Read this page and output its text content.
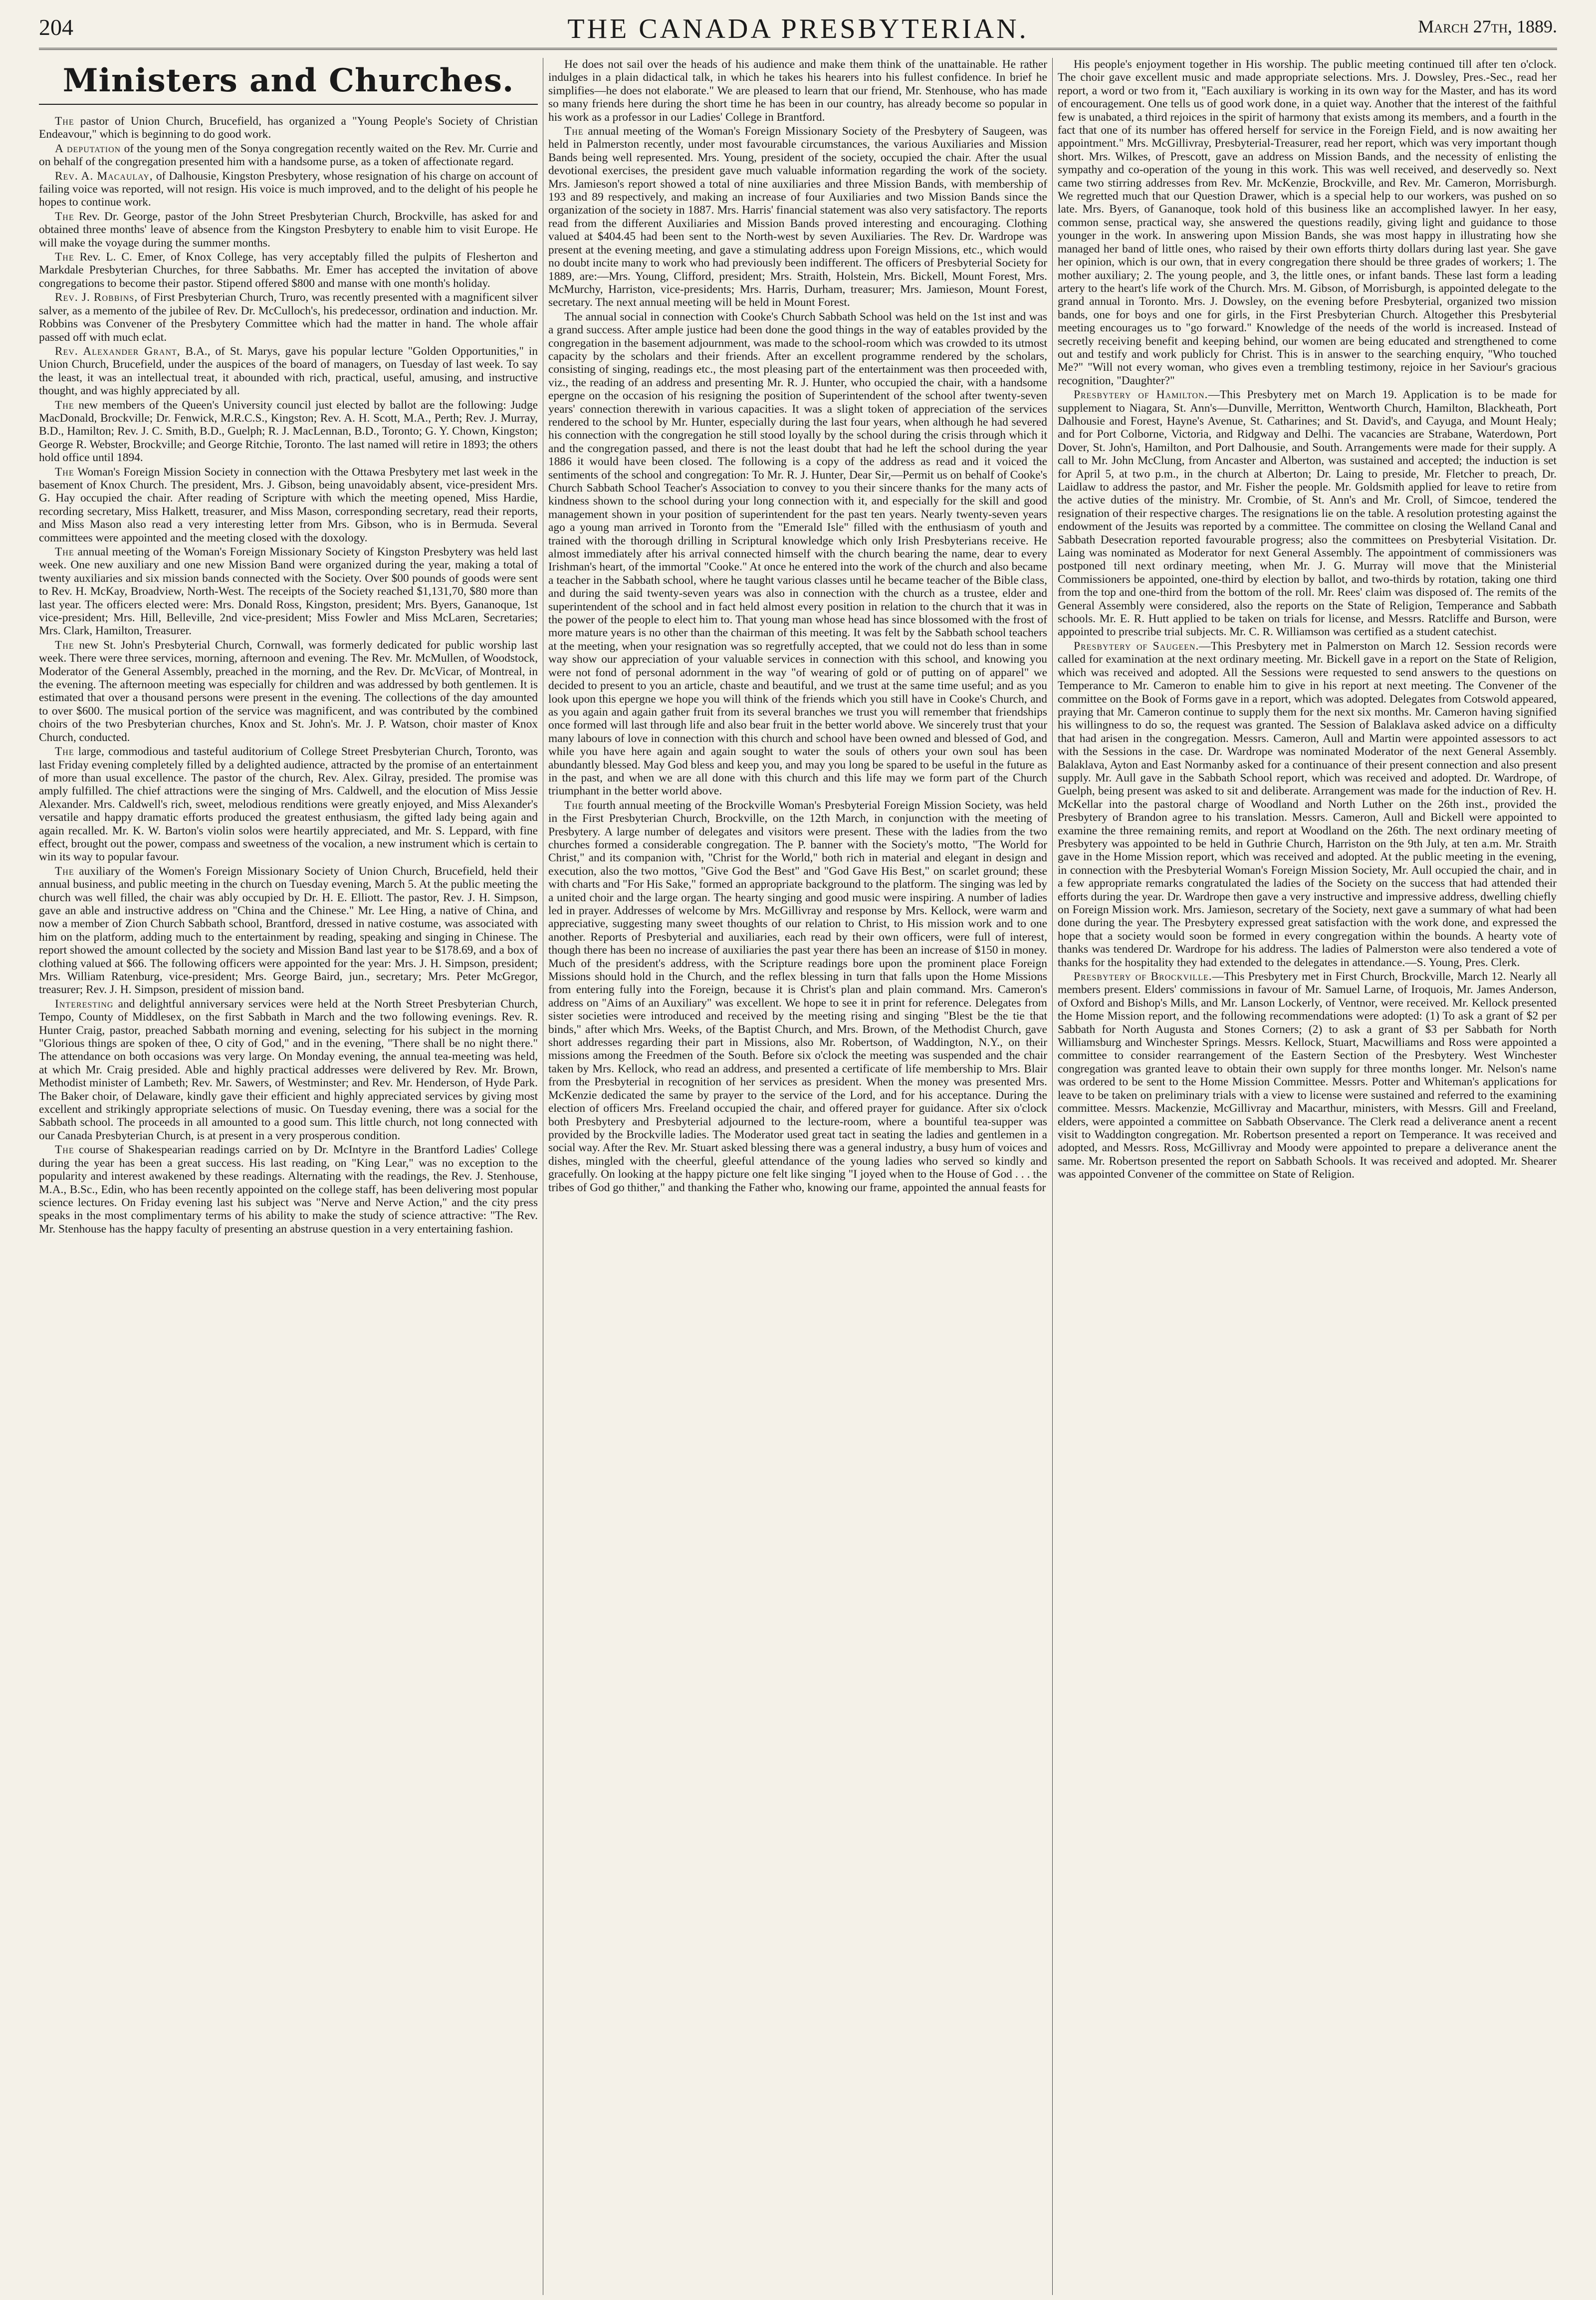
204	THE CANADA PRESBYTERIAN.	March 27th, 1889.
Ministers and Churches.

The pastor of Union Church, Brucefield, has organized a "Young People's Society of Christian Endeavour," which is beginning to do good work.

A deputation of the young men of the Sonya congregation recently waited on the Rev. Mr. Currie and on behalf of the congregation presented him with a handsome purse, as a token of affectionate regard.

Rev. A. Macaulay, of Dalhousie, Kingston Presbytery, whose resignation of his charge on account of failing voice was reported, will not resign. His voice is much improved, and to the delight of his people he hopes to continue work.

The Rev. Dr. George, pastor of the John Street Presbyterian Church, Brockville, has asked for and obtained three months' leave of absence from the Kingston Presbytery to enable him to visit Europe. He will make the voyage during the summer months.

The Rev. L. C. Emer, of Knox College, has very acceptably filled the pulpits of Flesherton and Markdale Presbyterian Churches, for three Sabbaths. Mr. Emer has accepted the invitation of above congregations to become their pastor. Stipend offered $800 and manse with one month's holiday.

Rev. J. Robbins, of First Presbyterian Church, Truro, was recently presented with a magnificent silver salver, as a memento of the jubilee of Rev. Dr. McCulloch's, his predecessor, ordination and induction. Mr. Robbins was Convener of the Presbytery Committee which had the matter in hand. The whole affair passed off with much eclat.

Rev. Alexander Grant, B.A., of St. Marys, gave his popular lecture "Golden Opportunities," in Union Church, Brucefield, under the auspices of the board of managers, on Tuesday of last week. To say the least, it was an intellectual treat, it abounded with rich, practical, useful, amusing, and instructive thought, and was highly appreciated by all.

The new members of the Queen's University council just elected by ballot are the following: Judge MacDonald, Brockville; Dr. Fenwick, M.R.C.S., Kingston; Rev. A. H. Scott, M.A., Perth; Rev. J. Murray, B.D., Hamilton; Rev. J. C. Smith, B.D., Guelph; R. J. MacLennan, B.D., Toronto; G. Y. Chown, Kingston; George R. Webster, Brockville; and George Ritchie, Toronto. The last named will retire in 1893; the others hold office until 1894.

The Woman's Foreign Mission Society in connection with the Ottawa Presbytery met last week in the basement of Knox Church. The president, Mrs. J. Gibson, being unavoidably absent, vice-president Mrs. G. Hay occupied the chair. After reading of Scripture with which the meeting opened, Miss Hardie, recording secretary, Miss Halkett, treasurer, and Miss Mason, corresponding secretary, read their reports, and Miss Mason also read a very interesting letter from Mrs. Gibson, who is in Bermuda. Several committees were appointed and the meeting closed with the doxology.

The annual meeting of the Woman's Foreign Missionary Society of Kingston Presbytery was held last week. One new auxiliary and one new Mission Band were organized during the year, making a total of twenty auxiliaries and six mission bands connected with the Society. Over $00 pounds of goods were sent to Rev. H. McKay, Broadview, North-West. The receipts of the Society reached $1,131,70, $80 more than last year. The officers elected were: Mrs. Donald Ross, Kingston, president; Mrs. Byers, Gananoque, 1st vice-president; Mrs. Hill, Belleville, 2nd vice-president; Miss Fowler and Miss McLaren, Secretaries; Mrs. Clark, Hamilton, Treasurer.

The new St. John's Presbyterial Church, Cornwall, was formerly dedicated for public worship last week. There were three services, morning, afternoon and evening. The Rev. Mr. McMullen, of Woodstock, Moderator of the General Assembly, preached in the morning, and the Rev. Dr. McVicar, of Montreal, in the evening. The afternoon meeting was especially for children and was addressed by both gentlemen. It is estimated that over a thousand persons were present in the evening. The collections of the day amounted to over $600. The musical portion of the service was magnificent, and was contributed by the combined choirs of the two Presbyterian churches, Knox and St. John's. Mr. J. P. Watson, choir master of Knox Church, conducted.

The large, commodious and tasteful auditorium of College Street Presbyterian Church, Toronto, was last Friday evening completely filled by a delighted audience, attracted by the promise of an entertainment of more than usual excellence. The pastor of the church, Rev. Alex. Gilray, presided. The promise was amply fulfilled. The chief attractions were the singing of Mrs. Caldwell, and the elocution of Miss Jessie Alexander. Mrs. Caldwell's rich, sweet, melodious renditions were greatly enjoyed, and Miss Alexander's versatile and happy dramatic efforts produced the greatest enthusiasm, the gifted lady being again and again recalled. Mr. K. W. Barton's violin solos were heartily appreciated, and Mr. S. Leppard, with fine effect, brought out the power, compass and sweetness of the vocalion, a new instrument which is certain to win its way to popular favour.

The auxiliary of the Women's Foreign Missionary Society of Union Church, Brucefield, held their annual business, and public meeting in the church on Tuesday evening, March 5. At the public meeting the church was well filled, the chair was ably occupied by Dr. H. E. Elliott. The pastor, Rev. J. H. Simpson, gave an able and instructive address on "China and the Chinese." Mr. Lee Hing, a native of China, and now a member of Zion Church Sabbath school, Brantford, dressed in native costume, was associated with him on the platform, adding much to the entertainment by reading, speaking and singing in Chinese. The report showed the amount collected by the society and Mission Band last year to be $178.69, and a box of clothing valued at $66. The following officers were appointed for the year: Mrs. J. H. Simpson, president; Mrs. William Ratenburg, vice-president; Mrs. George Baird, jun., secretary; Mrs. Peter McGregor, treasurer; Rev. J. H. Simpson, president of mission band.

Interesting and delightful anniversary services were held at the North Street Presbyterian Church, Tempo, County of Middlesex, on the first Sabbath in March and the two following evenings. Rev. R. Hunter Craig, pastor, preached Sabbath morning and evening, selecting for his subject in the morning "Glorious things are spoken of thee, O city of God," and in the evening, "There shall be no night there." The attendance on both occasions was very large. On Monday evening, the annual tea-meeting was held, at which Mr. Craig presided. Able and highly practical addresses were delivered by Rev. Mr. Brown, Methodist minister of Lambeth; Rev. Mr. Sawers, of Westminster; and Rev. Mr. Henderson, of Hyde Park. The Baker choir, of Delaware, kindly gave their efficient and highly appreciated services by giving most excellent and strikingly appropriate selections of music. On Tuesday evening, there was a social for the Sabbath school. The proceeds in all amounted to a good sum. This little church, not long connected with our Canada Presbyterian Church, is at present in a very prosperous condition.

The course of Shakespearian readings carried on by Dr. McIntyre in the Brantford Ladies' College during the year has been a great success. His last reading, on "King Lear," was no exception to the popularity and interest awakened by these readings. Alternating with the readings, the Rev. J. Stenhouse, M.A., B.Sc., Edin, who has been recently appointed on the college staff, has been delivering most popular science lectures. On Friday evening last his subject was "Nerve and Nerve Action," and the city press speaks in the most complimentary terms of his ability to make the study of science attractive: "The Rev. Mr. Stenhouse has the happy faculty of presenting an abstruse question in a very entertaining fashion.

He does not sail over the heads of his audience and make them think of the unattainable. He rather indulges in a plain didactical talk, in which he takes his hearers into his fullest confidence. In brief he simplifies—he does not elaborate." We are pleased to learn that our friend, Mr. Stenhouse, who has made so many friends here during the short time he has been in our country, has already become so popular in his work as a professor in our Ladies' College in Brantford.

The annual meeting of the Woman's Foreign Missionary Society of the Presbytery of Saugeen, was held in Palmerston recently, under most favourable circumstances, the various Auxiliaries and Mission Bands being well represented. Mrs. Young, president of the society, occupied the chair. After the usual devotional exercises, the president gave much valuable information regarding the work of the society. Mrs. Jamieson's report showed a total of nine auxiliaries and three Mission Bands, with membership of 193 and 89 respectively, and making an increase of four Auxiliaries and two Mission Bands since the organization of the society in 1887. Mrs. Harris' financial statement was also very satisfactory. The reports read from the different Auxiliaries and Mission Bands proved interesting and encouraging. Clothing valued at $404.45 had been sent to the North-west by seven Auxiliaries. The Rev. Dr. Wardrope was present at the evening meeting, and gave a stimulating address upon Foreign Missions, etc., which would no doubt incite many to work who had previously been indifferent. The officers of Presbyterial Society for 1889, are:—Mrs. Young, Clifford, president; Mrs. Straith, Holstein, Mrs. Bickell, Mount Forest, Mrs. McMurchy, Harriston, vice-presidents; Mrs. Harris, Durham, treasurer; Mrs. Jamieson, Mount Forest, secretary. The next annual meeting will be held in Mount Forest.

The annual social in connection with Cooke's Church Sabbath School was held on the 1st inst and was a grand success. After ample justice had been done the good things in the way of eatables provided by the congregation in the basement adjournment, was made to the school-room which was crowded to its utmost capacity by the scholars and their friends. After an excellent programme rendered by the scholars, consisting of singing, readings etc., the most pleasing part of the entertainment was then proceeded with, viz., the reading of an address and presenting Mr. R. J. Hunter, who occupied the chair, with a handsome epergne on the occasion of his resigning the position of Superintendent of the school after twenty-seven years' connection therewith in various capacities. It was a slight token of appreciation of the services rendered to the school by Mr. Hunter, especially during the last four years, when although he had severed his connection with the congregation he still stood loyally by the school during the crisis through which it and the congregation passed, and there is not the least doubt that had he left the school during the year 1886 it would have been closed. The following is a copy of the address as read and it voiced the sentiments of the school and congregation: To Mr. R. J. Hunter, Dear Sir,—Permit us on behalf of Cooke's Church Sabbath School Teacher's Association to convey to you their sincere thanks for the many acts of kindness shown to the school during your long connection with it, and especially for the skill and good management shown in your position of superintendent for the past ten years. Nearly twenty-seven years ago a young man arrived in Toronto from the "Emerald Isle" filled with the enthusiasm of youth and trained with the thorough drilling in Scriptural knowledge which only Irish Presbyterians receive. He almost immediately after his arrival connected himself with the church bearing the name, dear to every Irishman's heart, of the immortal "Cooke." At once he entered into the work of the church and also became a teacher in the Sabbath school, where he taught various classes until he became teacher of the Bible class, and during the said twenty-seven years was also in connection with the church as a trustee, elder and superintendent of the school and in fact held almost every position in relation to the church that it was in the power of the people to elect him to. That young man whose head has since blossomed with the frost of more mature years is no other than the chairman of this meeting. It was felt by the Sabbath school teachers at the meeting, when your resignation was so regretfully accepted, that we could not do less than in some way show our appreciation of your valuable services in connection with this school, and knowing you were not fond of personal adornment in the way "of wearing of gold or of putting on of apparel" we decided to present to you an article, chaste and beautiful, and we trust at the same time useful; and as you look upon this epergne we hope you will think of the friends which you still have in Cooke's Church, and as you again and again gather fruit from its several branches we trust you will remember that friendships once formed will last through life and also bear fruit in the better world above. We sincerely trust that your many labours of love in connection with this church and school have been owned and blessed of God, and while you have here again and again sought to water the souls of others your own soul has been abundantly blessed. May God bless and keep you, and may you long be spared to be useful in the future as in the past, and when we are all done with this church and this life may we form part of the Church triumphant in the better world above.

The fourth annual meeting of the Brockville Woman's Presbyterial Foreign Mission Society, was held in the First Presbyterian Church, Brockville, on the 12th March, in conjunction with the meeting of Presbytery. A large number of delegates and visitors were present. These with the ladies from the two churches formed a considerable congregation. The P. banner with the Society's motto, "The World for Christ," and its companion with, "Christ for the World," both rich in material and elegant in design and execution, also the two mottos, "Give God the Best" and "God Gave His Best," on scarlet ground; these with charts and "For His Sake," formed an appropriate background to the platform. The singing was led by a united choir and the large organ. The hearty singing and good music were inspiring. A number of ladies led in prayer. Addresses of welcome by Mrs. McGillivray and response by Mrs. Kellock, were warm and appreciative, suggesting many sweet thoughts of our relation to Christ, to His mission work and to one another. Reports of Presbyterial and auxiliaries, each read by their own officers, were full of interest, though there has been no increase of auxiliaries the past year there has been an increase of $150 in money. Much of the president's address, with the Scripture readings bore upon the prominent place Foreign Missions should hold in the Church, and the reflex blessing in turn that falls upon the Home Missions from entering fully into the Foreign, because it is Christ's plan and plain command. Mrs. Cameron's address on "Aims of an Auxiliary" was excellent. We hope to see it in print for reference. Delegates from sister societies were introduced and received by the meeting rising and singing "Blest be the tie that binds," after which Mrs. Weeks, of the Baptist Church, and Mrs. Brown, of the Methodist Church, gave short addresses regarding their part in Missions, also Mr. Robertson, of Waddington, N.Y., on their missions among the Freedmen of the South. Before six o'clock the meeting was suspended and the chair taken by Mrs. Kellock, who read an address, and presented a certificate of life membership to Mrs. Blair from the Presbyterial in recognition of her services as president. When the money was presented Mrs. McKenzie dedicated the same by prayer to the service of the Lord, and for his acceptance. During the election of officers Mrs. Freeland occupied the chair, and offered prayer for guidance. After six o'clock both Presbytery and Presbyterial adjourned to the lecture-room, where a bountiful tea-supper was provided by the Brockville ladies. The Moderator used great tact in seating the ladies and gentlemen in a social way. After the Rev. Mr. Stuart asked blessing there was a general industry, a busy hum of voices and dishes, mingled with the cheerful, gleeful attendance of the young ladies who served so kindly and gracefully. On looking at the happy picture one felt like singing "I joyed when to the House of God . . . the tribes of God go thither," and thanking the Father who, knowing our frame, appointed the annual feasts for

His people's enjoyment together in His worship. The public meeting continued till after ten o'clock. The choir gave excellent music and made appropriate selections. Mrs. J. Dowsley, Pres.-Sec., read her report, a word or two from it, "Each auxiliary is working in its own way for the Master, and has its word of encouragement. One tells us of good work done, in a quiet way. Another that the interest of the faithful few is unabated, a third rejoices in the spirit of harmony that exists among its members, and a fourth in the fact that one of its number has offered herself for service in the Foreign Field, and is now awaiting her appointment." Mrs. McGillivray, Presbyterial-Treasurer, read her report, which was very important though short. Mrs. Wilkes, of Prescott, gave an address on Mission Bands, and the necessity of enlisting the sympathy and co-operation of the young in this work. This was well received, and deservedly so. Next came two stirring addresses from Rev. Mr. McKenzie, Brockville, and Rev. Mr. Cameron, Morrisburgh. We regretted much that our Question Drawer, which is a special help to our workers, was pushed on so late. Mrs. Byers, of Gananoque, took hold of this business like an accomplished lawyer. In her easy, common sense, practical way, she answered the questions readily, giving light and guidance to those younger in the work. In answering upon Mission Bands, she was most happy in illustrating how she managed her band of little ones, who raised by their own efforts thirty dollars during last year. She gave her opinion, which is our own, that in every congregation there should be three grades of workers; 1. The mother auxiliary; 2. The young people, and 3, the little ones, or infant bands. These last form a leading artery to the heart's life work of the Church. Mrs. M. Gibson, of Morrisburgh, is appointed delegate to the grand annual in Toronto. Mrs. J. Dowsley, on the evening before Presbyterial, organized two mission bands, one for boys and one for girls, in the First Presbyterian Church. Altogether this Presbyterial meeting encourages us to "go forward." Knowledge of the needs of the world is increased. Instead of secretly receiving benefit and keeping behind, our women are being educated and strengthened to come out and testify and work publicly for Christ. This is in answer to the searching enquiry, "Who touched Me?" "Will not every woman, who gives even a trembling testimony, rejoice in her Saviour's gracious recognition, "Daughter?"

Presbytery of Hamilton.—This Presbytery met on March 19. Application is to be made for supplement to Niagara, St. Ann's—Dunville, Merritton, Wentworth Church, Hamilton, Blackheath, Port Dalhousie and Forest, Hayne's Avenue, St. Catharines; and St. David's, and Cayuga, and Mount Healy; and for Port Colborne, Victoria, and Ridgway and Delhi. The vacancies are Strabane, Waterdown, Port Dover, St. John's, Hamilton, and Port Dalhousie, and South. Arrangements were made for their supply. A call to Mr. John McClung, from Ancaster and Alberton, was sustained and accepted; the induction is set for April 5, at two p.m., in the church at Alberton; Dr. Laing to preside, Mr. Fletcher to preach, Dr. Laidlaw to address the pastor, and Mr. Fisher the people. Mr. Goldsmith applied for leave to retire from the active duties of the ministry. Mr. Crombie, of St. Ann's and Mr. Croll, of Simcoe, tendered the resignation of their respective charges. The resignations lie on the table. A resolution protesting against the endowment of the Jesuits was reported by a committee. The committee on closing the Welland Canal and Sabbath Desecration reported favourable progress; also the committees on Presbyterial Visitation. Dr. Laing was nominated as Moderator for next General Assembly. The appointment of commissioners was postponed till next ordinary meeting, when Mr. J. G. Murray will move that the Ministerial Commissioners be appointed, one-third by election by ballot, and two-thirds by rotation, taking one third from the top and one-third from the bottom of the roll. Mr. Rees' claim was disposed of. The remits of the General Assembly were considered, also the reports on the State of Religion, Temperance and Sabbath schools. Mr. E. R. Hutt applied to be taken on trials for license, and Messrs. Ratcliffe and Burson, were appointed to prescribe trial subjects. Mr. C. R. Williamson was certified as a student catechist.

Presbytery of Saugeen.—This Presbytery met in Palmerston on March 12. Session records were called for examination at the next ordinary meeting. Mr. Bickell gave in a report on the State of Religion, which was received and adopted. All the Sessions were requested to send answers to the questions on Temperance to Mr. Cameron to enable him to give in his report at next meeting. The Convener of the committee on the Book of Forms gave in a report, which was adopted. Delegates from Cotswold appeared, praying that Mr. Cameron continue to supply them for the next six months. Mr. Cameron having signified his willingness to do so, the request was granted. The Session of Balaklava asked advice on a difficulty that had arisen in the congregation. Messrs. Cameron, Aull and Martin were appointed assessors to act with the Sessions in the case. Dr. Wardrope was nominated Moderator of the next General Assembly. Balaklava, Ayton and East Normanby asked for a continuance of their present connection and also present supply. Mr. Aull gave in the Sabbath School report, which was received and adopted. Dr. Wardrope, of Guelph, being present was asked to sit and deliberate. Arrangement was made for the induction of Rev. H. McKellar into the pastoral charge of Woodland and North Luther on the 26th inst., provided the Presbytery of Brandon agree to his translation. Messrs. Cameron, Aull and Bickell were appointed to examine the three remaining remits, and report at Woodland on the 26th. The next ordinary meeting of Presbytery was appointed to be held in Guthrie Church, Harriston on the 9th July, at ten a.m. Mr. Straith gave in the Home Mission report, which was received and adopted. At the public meeting in the evening, in connection with the Presbyterial Woman's Foreign Mission Society, Mr. Aull occupied the chair, and in a few appropriate remarks congratulated the ladies of the Society on the success that had attended their efforts during the year. Dr. Wardrope then gave a very instructive and impressive address, dwelling chiefly on Foreign Mission work. Mrs. Jamieson, secretary of the Society, next gave a summary of what had been done during the year. The Presbytery expressed great satisfaction with the work done, and expressed the hope that a society would soon be formed in every congregation within the bounds. A hearty vote of thanks was tendered Dr. Wardrope for his address. The ladies of Palmerston were also tendered a vote of thanks for the hospitality they had extended to the delegates in attendance.—S. Young, Pres. Clerk.

Presbytery of Brockville.—This Presbytery met in First Church, Brockville, March 12. Nearly all members present. Elders' commissions in favour of Mr. Samuel Larne, of Iroquois, Mr. James Anderson, of Oxford and Bishop's Mills, and Mr. Lanson Lockerly, of Ventnor, were received. Mr. Kellock presented the Home Mission report, and the following recommendations were adopted: (1) To ask a grant of $2 per Sabbath for North Augusta and Stones Corners; (2) to ask a grant of $3 per Sabbath for North Williamsburg and Winchester Springs. Messrs. Kellock, Stuart, Macwilliams and Ross were appointed a committee to consider rearrangement of the Eastern Section of the Presbytery. West Winchester congregation was granted leave to obtain their own supply for three months longer. Mr. Nelson's name was ordered to be sent to the Home Mission Committee. Messrs. Potter and Whiteman's applications for leave to be taken on preliminary trials with a view to license were sustained and referred to the examining committee. Messrs. Mackenzie, McGillivray and Macarthur, ministers, with Messrs. Gill and Freeland, elders, were appointed a committee on Sabbath Observance. The Clerk read a deliverance anent a recent visit to Waddington congregation. Mr. Robertson presented a report on Temperance. It was received and adopted, and Messrs. Ross, McGillivray and Moody were appointed to prepare a deliverance anent the same. Mr. Robertson presented the report on Sabbath Schools. It was received and adopted. Mr. Shearer was appointed Convener of the committee on State of Religion.
